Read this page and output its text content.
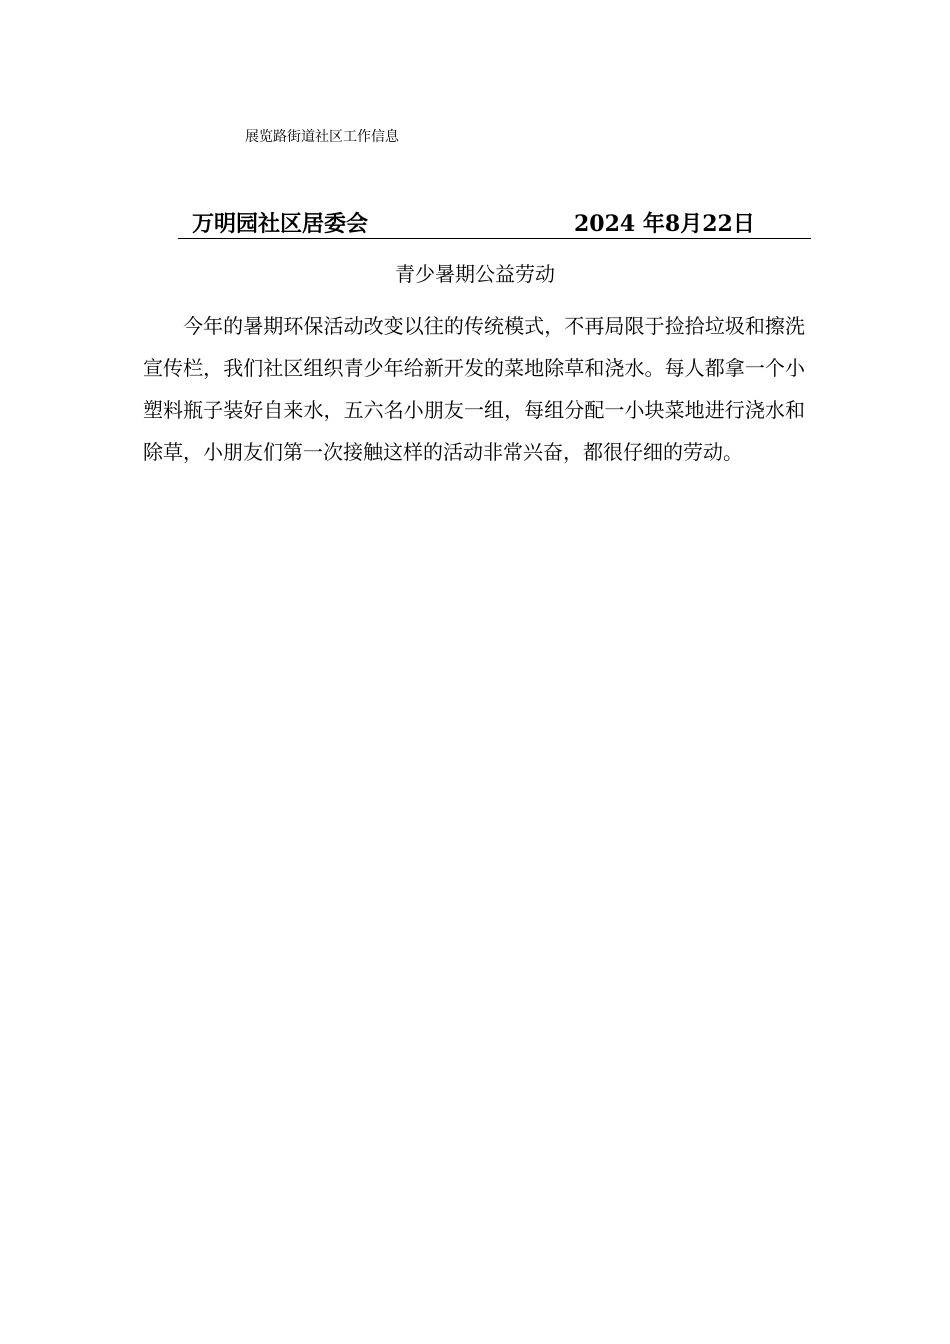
展览路街道社区工作信息
万明园社区居委会	2024 年8月22日
青少暑期公益劳动

今年的暑期环保活动改变以往的传统模式，不再局限于捡拾垃圾和擦洗宣传栏，我们社区组织青少年给新开发的菜地除草和浇水。每人都拿一个小塑料瓶子装好自来水，五六名小朋友一组，每组分配一小块菜地进行浇水和除草，小朋友们第一次接触这样的活动非常兴奋，都很仔细的劳动。
